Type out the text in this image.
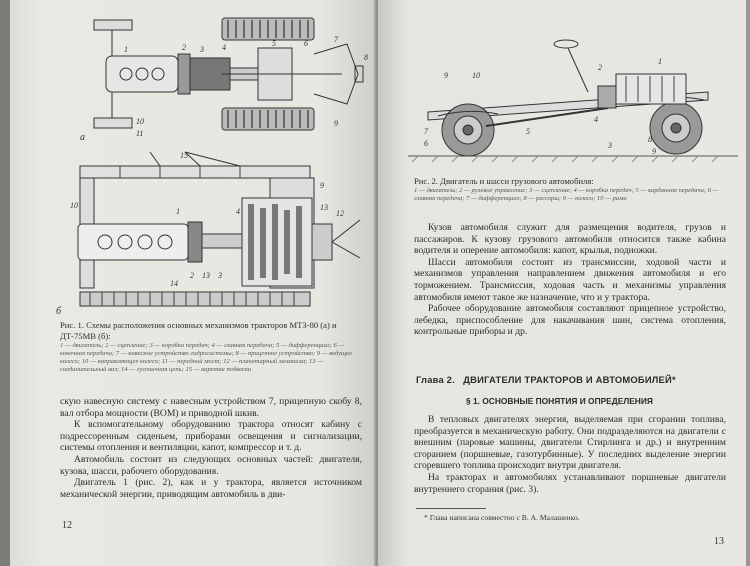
1	2 3 4	5	6	7
8
9
10
11
а
15
10
9
1	4	13
12
2 13 3
14
б
Рис. 1. Схемы расположения основных механизмов тракторов МТЗ-80 (а) и ДТ-75МВ (б):
1 — двигатель; 2 — сцепление; 3 — коробка передач; 4 — главная передача; 5 — дифференциал; 6 — конечная передача; 7 — навесное устройство гидросистемы; 8 — прицепное устройство; 9 — ведущее колесо; 10 — направляющее колесо; 11 — передний мост; 12 — планетарный механизм; 13 — соединительный вал; 14 — гусеничная цепь; 15 — каретки подвески

скую навесную систему с навесным устройством 7, прицепную скобу 8, вал отбора мощности (ВОМ) и приводной шкив.

К вспомогательному оборудованию трактора относят кабину с подрессоренным сиденьем, приборами освещения и сигнализации, системы отопления и вентиляции, капот, компрессор и т. д.

Автомобиль состоит из следующих основных частей: двигателя, кузова, шасси, рабочего оборудования.

Двигатель 1 (рис. 2), как и у трактора, является источником механической энергии, приводящим автомобиль в дви-

12
9	10
2
1
7
6
5
4
3
8
9
Рис. 2. Двигатель и шасси грузового автомобиля:
1 — двигатель; 2 — рулевое управление; 3 — сцепление; 4 — коробка передач; 5 — карданная передача; 6 — главная передача; 7 — дифференциал; 8 — рессоры; 9 — колесо; 10 — рама

Кузов автомобиля служит для размещения водителя, грузов и пассажиров. К кузову грузового автомобиля относится также кабина водителя и оперение автомобиля: капот, крылья, подножки.

Шасси автомобиля состоит из трансмиссии, ходовой части и механизмов управления направлением движения автомобиля и его торможением. Трансмиссия, ходовая часть и механизмы управления автомобиля имеют такое же назначение, что и у трактора.

Рабочее оборудование автомобиля составляют прицепное устройство, лебедка, приспособление для накачивания шин, система отопления, контрольные приборы и др.

Глава 2.   ДВИГАТЕЛИ ТРАКТОРОВ И АВТОМОБИЛЕЙ*
§ 1. ОСНОВНЫЕ ПОНЯТИЯ И ОПРЕДЕЛЕНИЯ

В тепловых двигателях энергия, выделяемая при сгорании топлива, преобразуется в механическую работу. Они подразделяются на двигатели с внешним (паровые машины, двигатели Стирлинга и др.) и внутренним сгоранием (поршневые, газотурбинные). У последних выделение энергии сгоревшего топлива происходит внутри двигателя.

На тракторах и автомобилях устанавливают поршневые двигатели внутреннего сгорания (рис. 3).

* Глава написана совместно с В. А. Малашенко.
13
